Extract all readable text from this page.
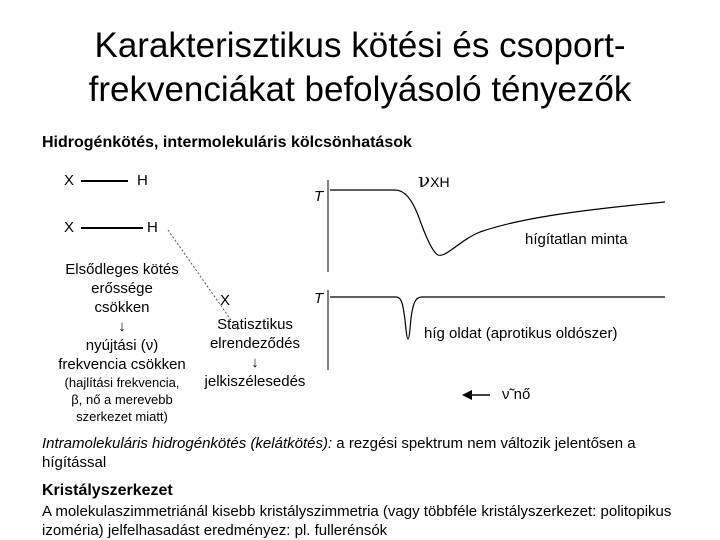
Karakterisztikus kötési és csoport-
frekvenciákat befolyásoló tényezők
Hidrogénkötés, intermolekuláris kölcsönhatások
X	H
X	H
Elsődleges kötés
erőssége
csökken
↓
nyújtási (ν)
frekvencia csökken
(hajlítási frekvencia,
β, nő a merevebb
szerkezet miatt)
X
Statisztikus
elrendeződés
↓
jelkiszélesedés
T
T
νXH
hígítatlan minta
híg oldat (aprotikus oldószer)
ν̃ nő
Intramolekuláris hidrogénkötés (kelátkötés): a rezgési spektrum nem változik jelentősen a hígítással
Kristályszerkezet
A molekulaszimmetriánál kisebb kristályszimmetria (vagy többféle kristályszerkezet: politopikus izoméria) jelfelhasadást eredményez: pl. fulleréns​ók
